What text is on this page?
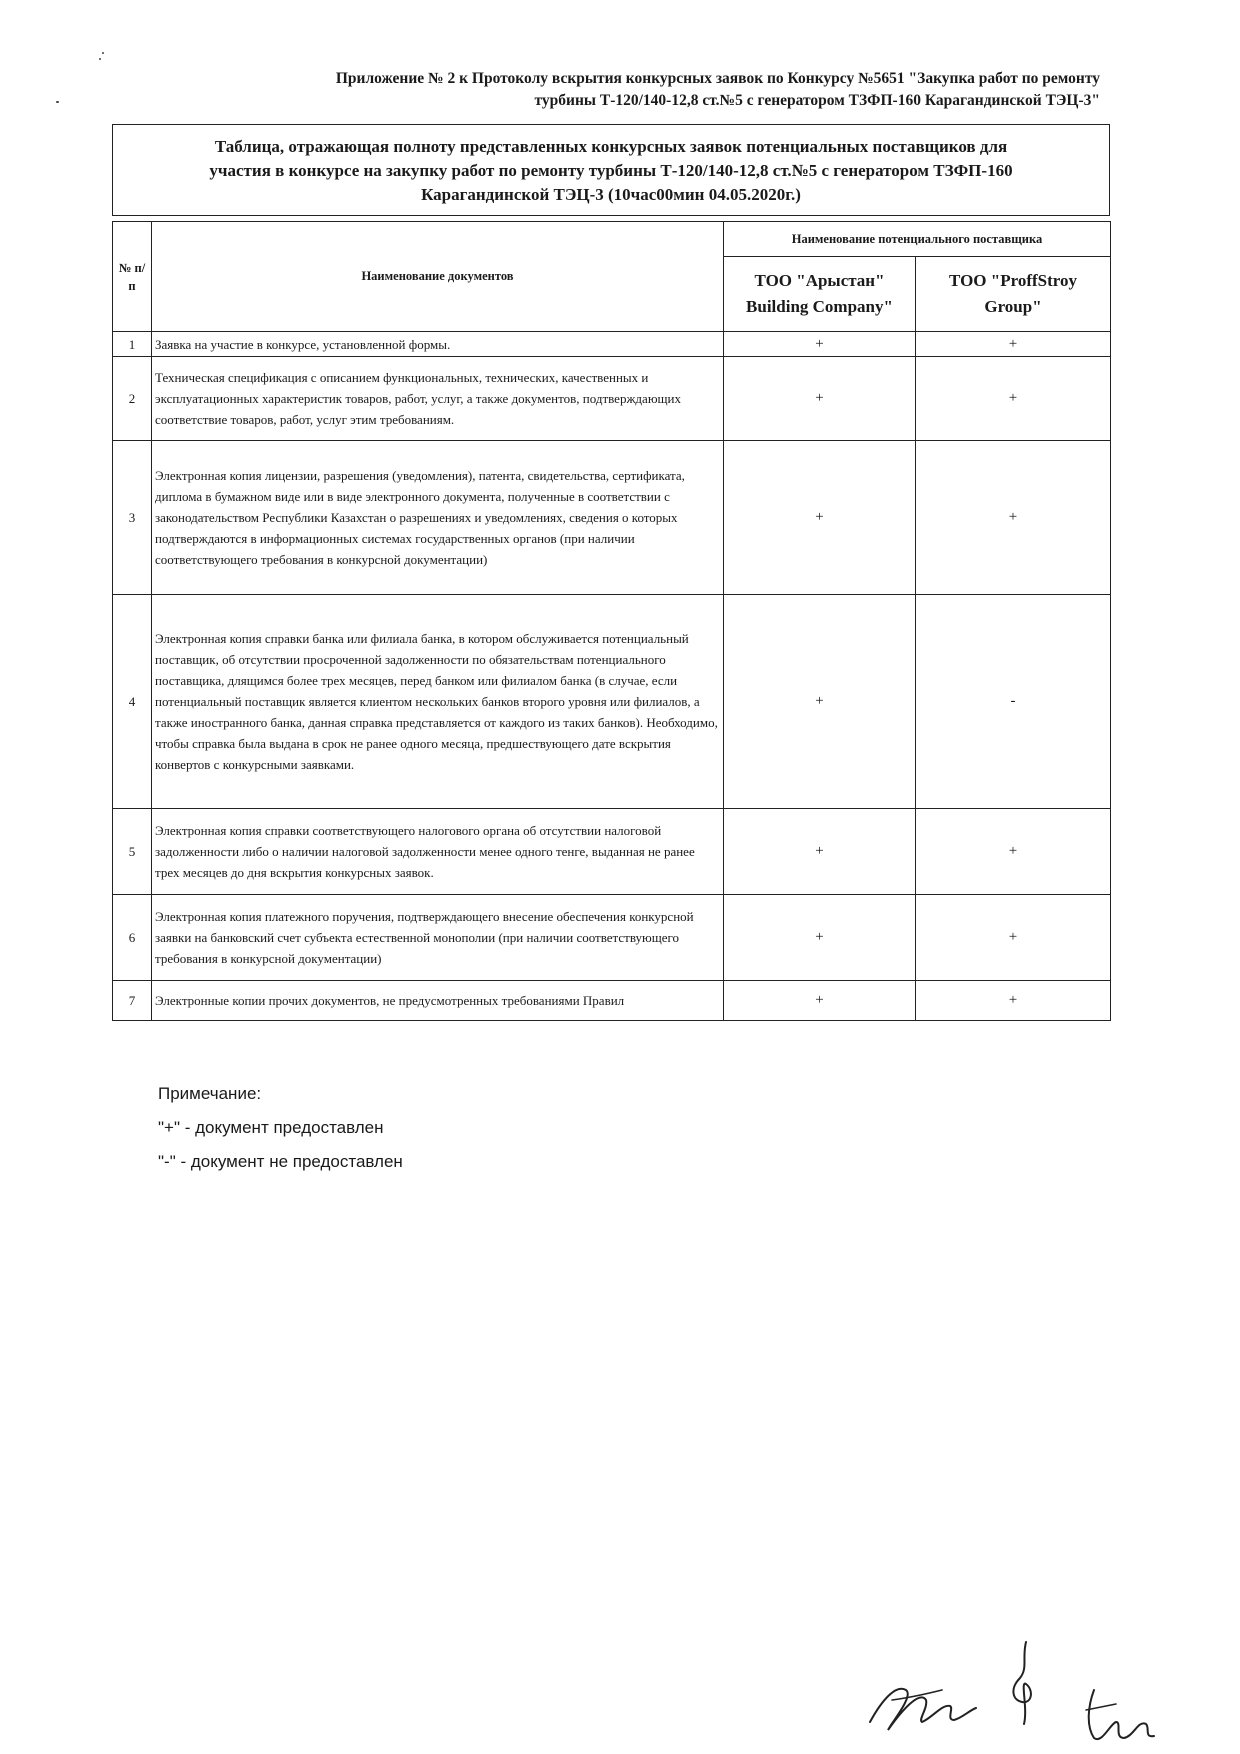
Приложение № 2 к Протоколу вскрытия конкурсных заявок по Конкурсу №5651 "Закупка работ по ремонту
турбины Т-120/140-12,8 ст.№5 с генератором ТЗФП-160 Карагандинской ТЭЦ-3"
Таблица, отражающая полноту представленных конкурсных заявок потенциальных поставщиков для
участия в конкурсе на закупку работ по ремонту турбины Т-120/140-12,8 ст.№5 с генератором ТЗФП-160
Карагандинской ТЭЦ-3 (10час00мин 04.05.2020г.)
№ п/п	Наименование документов	Наименование потенциального поставщика	
		ТОО "Арыстан" Building Company"	ТОО "ProffStroy Group"
1	Заявка на участие в конкурсе, установленной формы.	+	+
2	Техническая спецификация с описанием функциональных, технических, качественных и эксплуатационных характеристик товаров, работ, услуг, а также документов, подтверждающих соответствие товаров, работ, услуг этим требованиям.	+	+
3	Электронная копия лицензии, разрешения (уведомления), патента, свидетельства, сертификата, диплома в бумажном виде или в виде электронного документа, полученные в соответствии с законодательством Республики Казахстан о разрешениях и уведомлениях, сведения о которых подтверждаются в информационных системах государственных органов (при наличии соответствующего требования в конкурсной документации)	+	+
4	Электронная копия справки банка или филиала банка, в котором обслуживается потенциальный поставщик, об отсутствии просроченной задолженности по обязательствам потенциального поставщика, длящимся более трех месяцев, перед банком или филиалом банка (в случае, если потенциальный поставщик является клиентом нескольких банков второго уровня или филиалов, а также иностранного банка, данная справка представляется от каждого из таких банков). Необходимо, чтобы справка была выдана в срок не ранее одного месяца, предшествующего дате вскрытия конвертов с конкурсными заявками.	+	-
5	Электронная копия справки соответствующего налогового органа об отсутствии налоговой задолженности либо о наличии налоговой задолженности менее одного тенге, выданная не ранее трех месяцев до дня вскрытия конкурсных заявок.	+	+
6	Электронная копия платежного поручения, подтверждающего внесение обеспечения конкурсной заявки на банковский счет субъекта естественной монополии (при наличии соответствующего требования в конкурсной документации)	+	+
7	Электронные копии прочих документов, не предусмотренных требованиями Правил	+	+
Примечание:
"+" - документ предоставлен
"-" - документ не предоставлен
